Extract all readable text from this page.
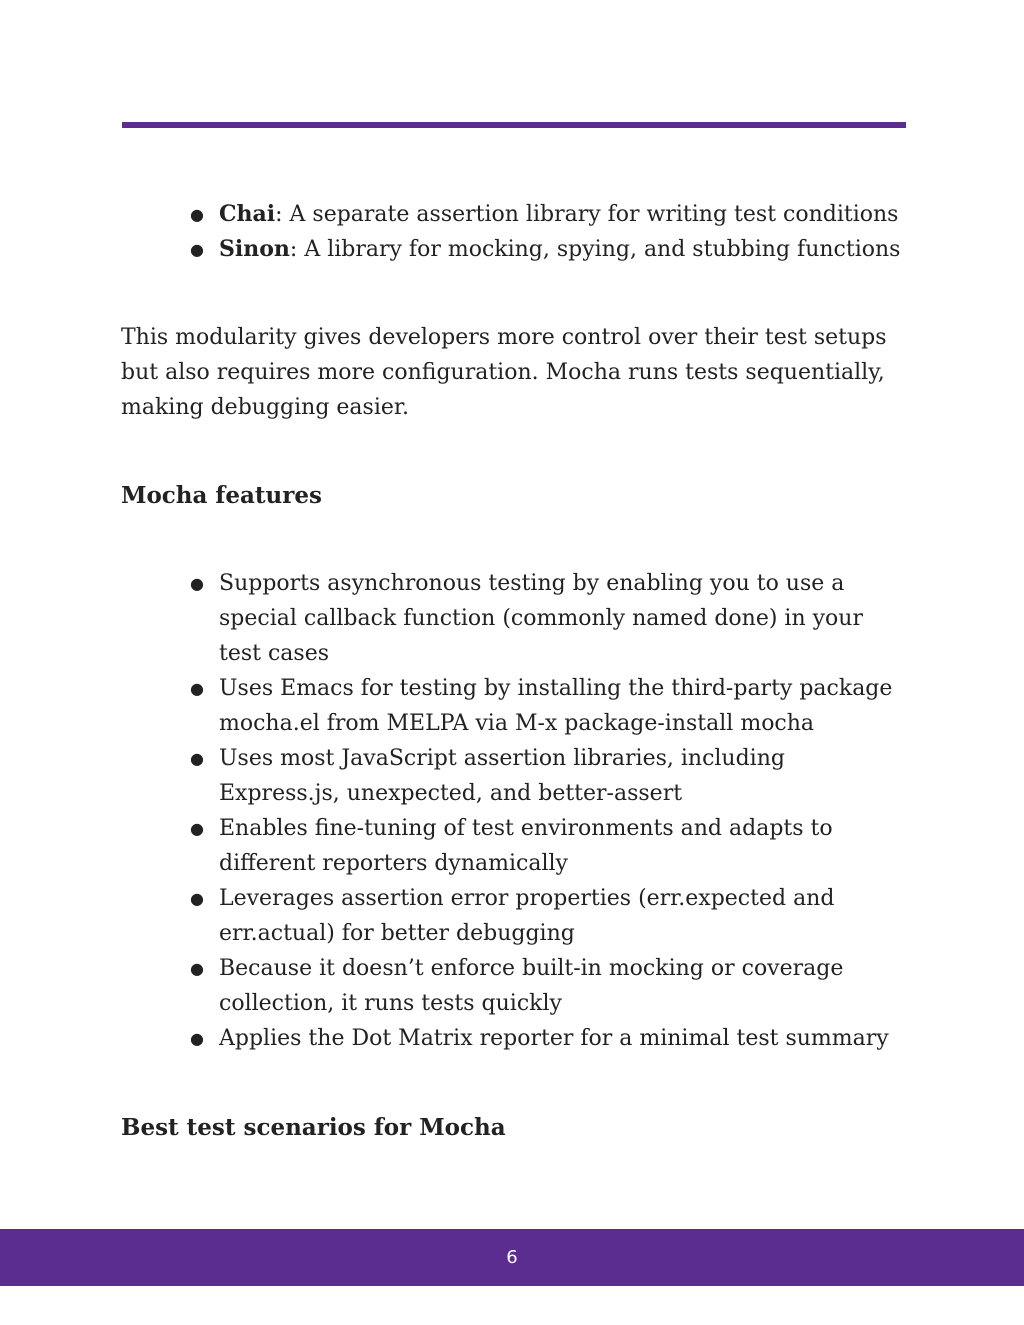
● Chai: A separate assertion library for writing test conditions
● Sinon: A library for mocking, spying, and stubbing functions

This modularity gives developers more control over their test setups but also requires more configuration. Mocha runs tests sequentially, making debugging easier.

Mocha features
● Supports asynchronous testing by enabling you to use a
special callback function (commonly named done) in your
test cases
● Uses Emacs for testing by installing the third-party package
mocha.el from MELPA via M-x package-install mocha
● Uses most JavaScript assertion libraries, including
Express.js, unexpected, and better-assert
● Enables fine-tuning of test environments and adapts to
different reporters dynamically
● Leverages assertion error properties (err.expected and
err.actual) for better debugging
● Because it doesn’t enforce built-in mocking or coverage
collection, it runs tests quickly
● Applies the Dot Matrix reporter for a minimal test summary
Best test scenarios for Mocha
6
